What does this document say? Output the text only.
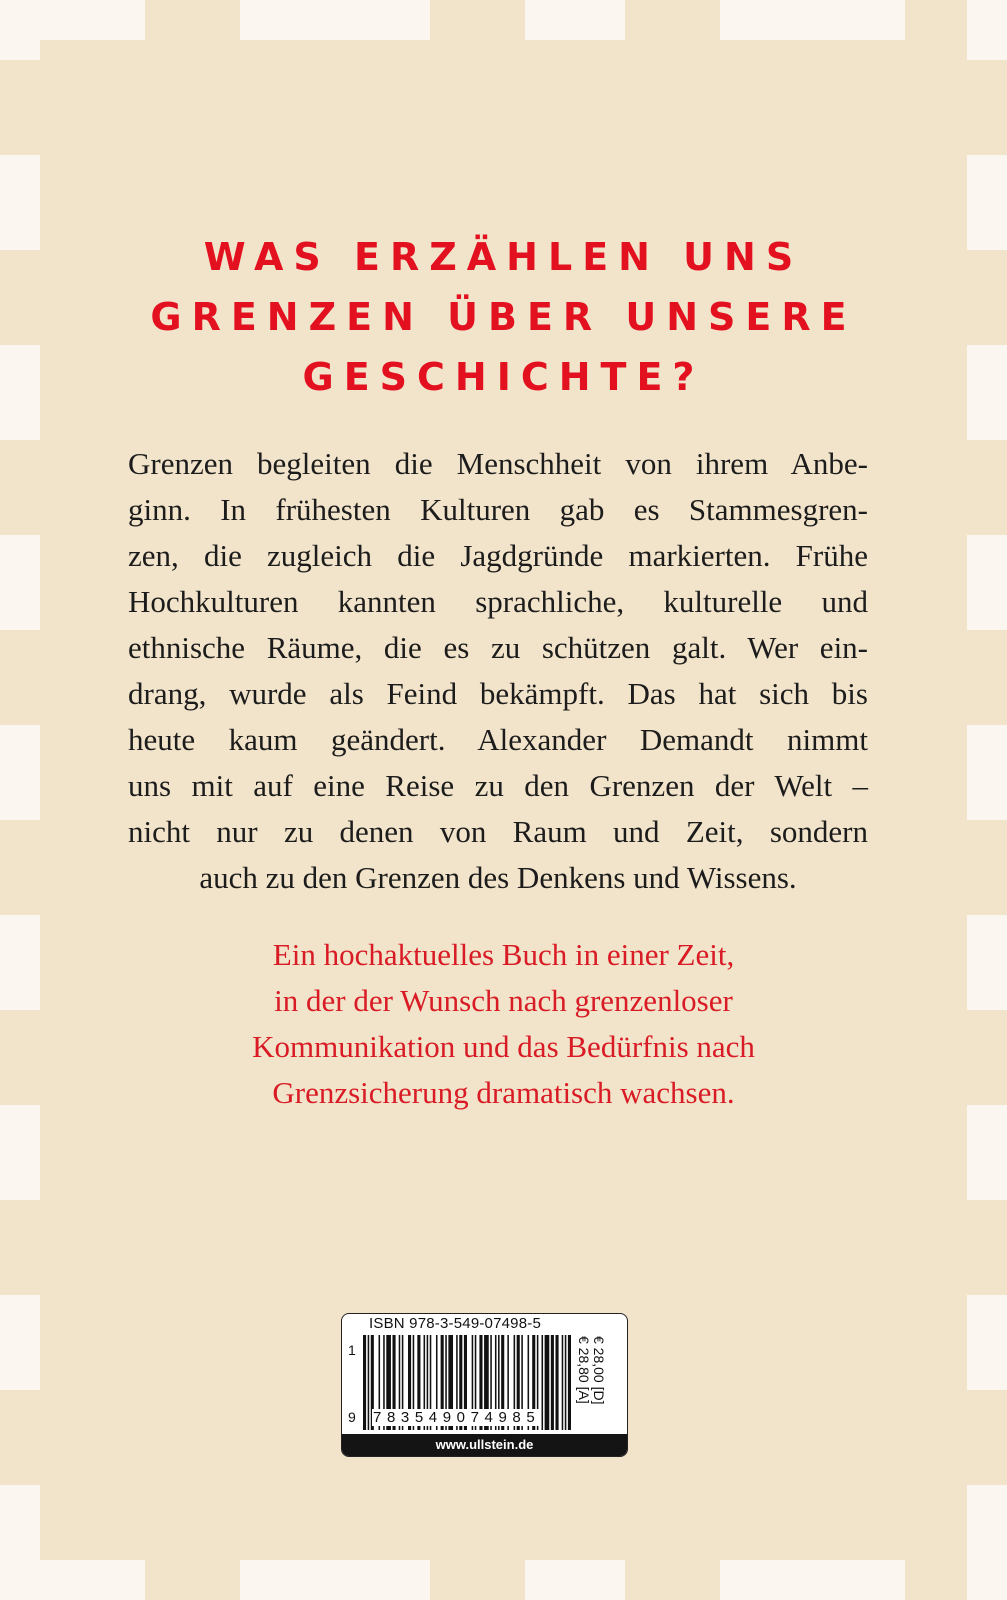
WAS ERZÄHLEN UNS
GRENZEN ÜBER UNSERE
GESCHICHTE?

Grenzen begleiten die Menschheit von ihrem Anbe-
ginn. In frühesten Kulturen gab es Stammesgren-
zen, die zugleich die Jagdgründe markierten. Frühe
Hochkulturen kannten sprachliche, kulturelle und
ethnische Räume, die es zu schützen galt. Wer ein-
drang, wurde als Feind bekämpft. Das hat sich bis
heute kaum geändert. Alexander Demandt nimmt
uns mit auf eine Reise zu den Grenzen der Welt –
nicht nur zu denen von Raum und Zeit, sondern
auch zu den Grenzen des Denkens und Wissens.

Ein hochaktuelles Buch in einer Zeit,
in der der Wunsch nach grenzenloser
Kommunikation und das Bedürfnis nach
Grenzsicherung dramatisch wachsen.

ISBN 978-3-549-07498-5
1
9 783549074985
€ 28,00 [D]
€ 28,80 [A]
www.ullstein.de
